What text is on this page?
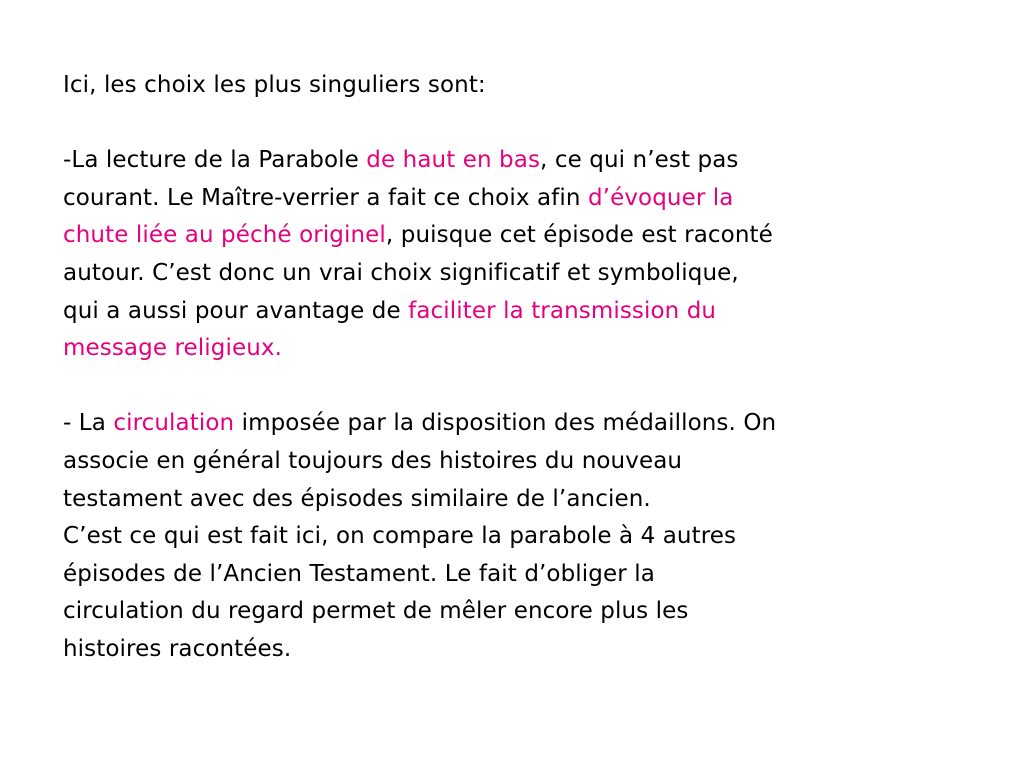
Ici, les choix les plus singuliers sont:
-La lecture de la Parabole de haut en bas, ce qui n’est pas
courant. Le Maître-verrier a fait ce choix afin d’évoquer la
chute liée au péché originel, puisque cet épisode est raconté
autour. C’est donc un vrai choix significatif et symbolique,
qui a aussi pour avantage de faciliter la transmission du
message religieux.
- La circulation imposée par la disposition des médaillons. On
associe en général toujours des histoires du nouveau
testament avec des épisodes similaire de l’ancien.
C’est ce qui est fait ici, on compare la parabole à 4 autres
épisodes de l’Ancien Testament. Le fait d’obliger la
circulation du regard permet de mêler encore plus les
histoires racontées.
